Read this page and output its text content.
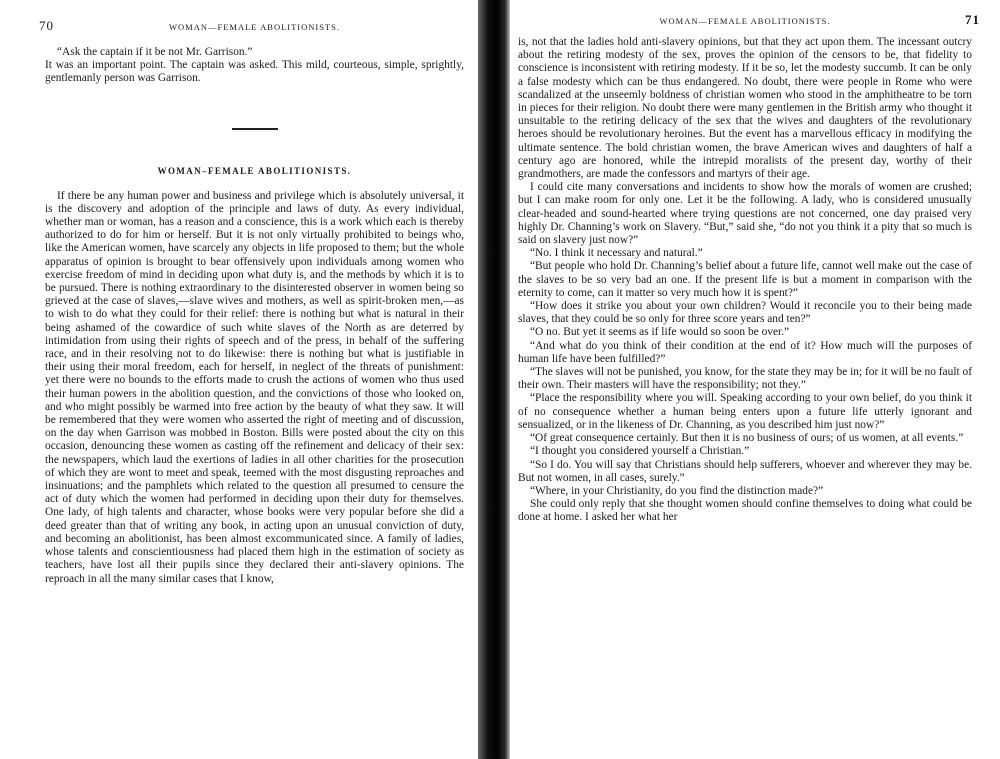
70	WOMAN—FEMALE ABOLITIONISTS.

“Ask the captain if it be not Mr. Garrison.”

It was an important point. The captain was asked. This mild, courteous, simple, sprightly, gentlemanly person was Garrison.

WOMAN–FEMALE ABOLITIONISTS.

If there be any human power and business and privilege which is absolutely universal, it is the discovery and adoption of the principle and laws of duty. As every individual, whether man or woman, has a reason and a conscience, this is a work which each is thereby authorized to do for him or herself. But it is not only virtually prohibited to beings who, like the American women, have scarcely any objects in life proposed to them; but the whole apparatus of opinion is brought to bear offensively upon individuals among women who exercise freedom of mind in deciding upon what duty is, and the methods by which it is to be pursued. There is nothing extraordinary to the disinterested observer in women being so grieved at the case of slaves,—slave wives and mothers, as well as spirit-broken men,—as to wish to do what they could for their relief: there is nothing but what is natural in their being ashamed of the cowardice of such white slaves of the North as are deterred by intimidation from using their rights of speech and of the press, in behalf of the suffering race, and in their resolving not to do likewise: there is nothing but what is justifiable in their using their moral freedom, each for herself, in neglect of the threats of punishment: yet there were no bounds to the efforts made to crush the actions of women who thus used their human powers in the abolition question, and the convictions of those who looked on, and who might possibly be warmed into free action by the beauty of what they saw. It will be remembered that they were women who asserted the right of meeting and of discussion, on the day when Garrison was mobbed in Boston. Bills were posted about the city on this occasion, denouncing these women as casting off the refinement and delicacy of their sex: the newspapers, which laud the exertions of ladies in all other charities for the prosecution of which they are wont to meet and speak, teemed with the most disgusting reproaches and insinuations; and the pamphlets which related to the question all presumed to censure the act of duty which the women had performed in deciding upon their duty for themselves. One lady, of high talents and character, whose books were very popular before she did a deed greater than that of writing any book, in acting upon an unusual conviction of duty, and becoming an abolitionist, has been almost excommunicated since. A family of ladies, whose talents and conscientiousness had placed them high in the estimation of society as teachers, have lost all their pupils since they declared their anti-slavery opinions. The reproach in all the many similar cases that I know,

WOMAN—FEMALE ABOLITIONISTS.	71

is, not that the ladies hold anti-slavery opinions, but that they act upon them. The incessant outcry about the retiring modesty of the sex, proves the opinion of the censors to be, that fidelity to conscience is inconsistent with retiring modesty. If it be so, let the modesty succumb. It can be only a false modesty which can be thus endangered. No doubt, there were people in Rome who were scandalized at the unseemly boldness of christian women who stood in the amphitheatre to be torn in pieces for their religion. No doubt there were many gentlemen in the British army who thought it unsuitable to the retiring delicacy of the sex that the wives and daughters of the revolutionary heroes should be revolutionary heroines. But the event has a marvellous efficacy in modifying the ultimate sentence. The bold christian women, the brave American wives and daughters of half a century ago are honored, while the intrepid moralists of the present day, worthy of their grandmothers, are made the confessors and martyrs of their age.

I could cite many conversations and incidents to show how the morals of women are crushed; but I can make room for only one. Let it be the following. A lady, who is considered unusually clear-headed and sound-hearted where trying questions are not concerned, one day praised very highly Dr. Channing’s work on Slavery. “But,” said she, “do not you think it a pity that so much is said on slavery just now?”

“No. I think it necessary and natural.”

“But people who hold Dr. Channing’s belief about a future life, cannot well make out the case of the slaves to be so very bad an one. If the present life is but a moment in comparison with the eternity to come, can it matter so very much how it is spent?”

“How does it strike you about your own children? Would it reconcile you to their being made slaves, that they could be so only for three score years and ten?”

“O no. But yet it seems as if life would so soon be over.”

“And what do you think of their condition at the end of it? How much will the purposes of human life have been fulfilled?”

“The slaves will not be punished, you know, for the state they may be in; for it will be no fault of their own. Their masters will have the responsibility; not they.”

“Place the responsibility where you will. Speaking according to your own belief, do you think it of no consequence whether a human being enters upon a future life utterly ignorant and sensualized, or in the likeness of Dr. Channing, as you described him just now?”

“Of great consequence certainly. But then it is no business of ours; of us women, at all events.”

“I thought you considered yourself a Christian.”

“So I do. You will say that Christians should help sufferers, whoever and wherever they may be. But not women, in all cases, surely.”

“Where, in your Christianity, do you find the distinction made?”

She could only reply that she thought women should confine themselves to doing what could be done at home. I asked her what her
